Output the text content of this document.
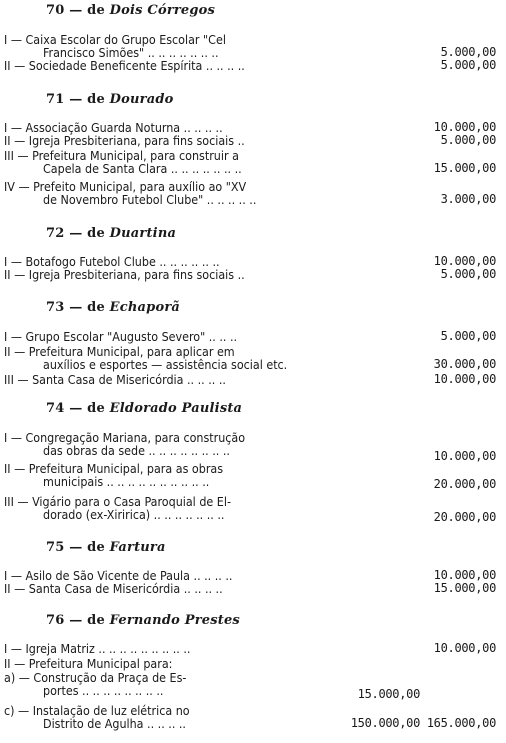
70 — de Dois Córregos
I — Caixa Escolar do Grupo Escolar "Cel
Francisco Simões" .. .. .. .. .. .. ..	5.000,00
II — Sociedade Beneficente Espírita .. .. .. ..	5.000,00
71 — de Dourado
I — Associação Guarda Noturna .. .. .. ..	10.000,00
II — Igreja Presbiteriana, para fins sociais ..	5.000,00
III — Prefeitura Municipal, para construir a
Capela de Santa Clara .. .. .. .. .. .. ..	15.000,00
IV — Prefeito Municipal, para auxílio ao "XV
de Novembro Futebol Clube" .. .. .. .. ..	3.000,00
72 — de Duartina
I — Botafogo Futebol Clube .. .. .. .. .. ..	10.000,00
II — Igreja Presbiteriana, para fins sociais ..	5.000,00
73 — de Echaporã
I — Grupo Escolar "Augusto Severo" .. .. ..	5.000,00
II — Prefeitura Municipal, para aplicar em
auxílios e esportes — assistência social etc.	30.000,00
III — Santa Casa de Misericórdia .. .. .. ..	10.000,00
74 — de Eldorado Paulista
I — Congregação Mariana, para construção
das obras da sede .. .. .. .. .. .. .. ..	10.000,00
II — Prefeitura Municipal, para as obras
municipais .. .. .. .. .. .. .. .. .. ..	20.000,00
III — Vigário para o Casa Paroquial de El-
dorado (ex-Xiririca) .. .. .. .. .. .. ..	20.000,00
75 — de Fartura
I — Asilo de São Vicente de Paula .. .. .. ..	10.000,00
II — Santa Casa de Misericórdia .. .. .. ..	15.000,00
76 — de Fernando Prestes
I — Igreja Matriz .. .. .. .. .. .. .. .. ..	10.000,00
II — Prefeitura Municipal para:
a) — Construção da Praça de Es-
portes .. .. .. .. .. .. .. ..	15.000,00
c) — Instalação de luz elétrica no
Distrito de Agulha .. .. .. ..	150.000,00 165.000,00
